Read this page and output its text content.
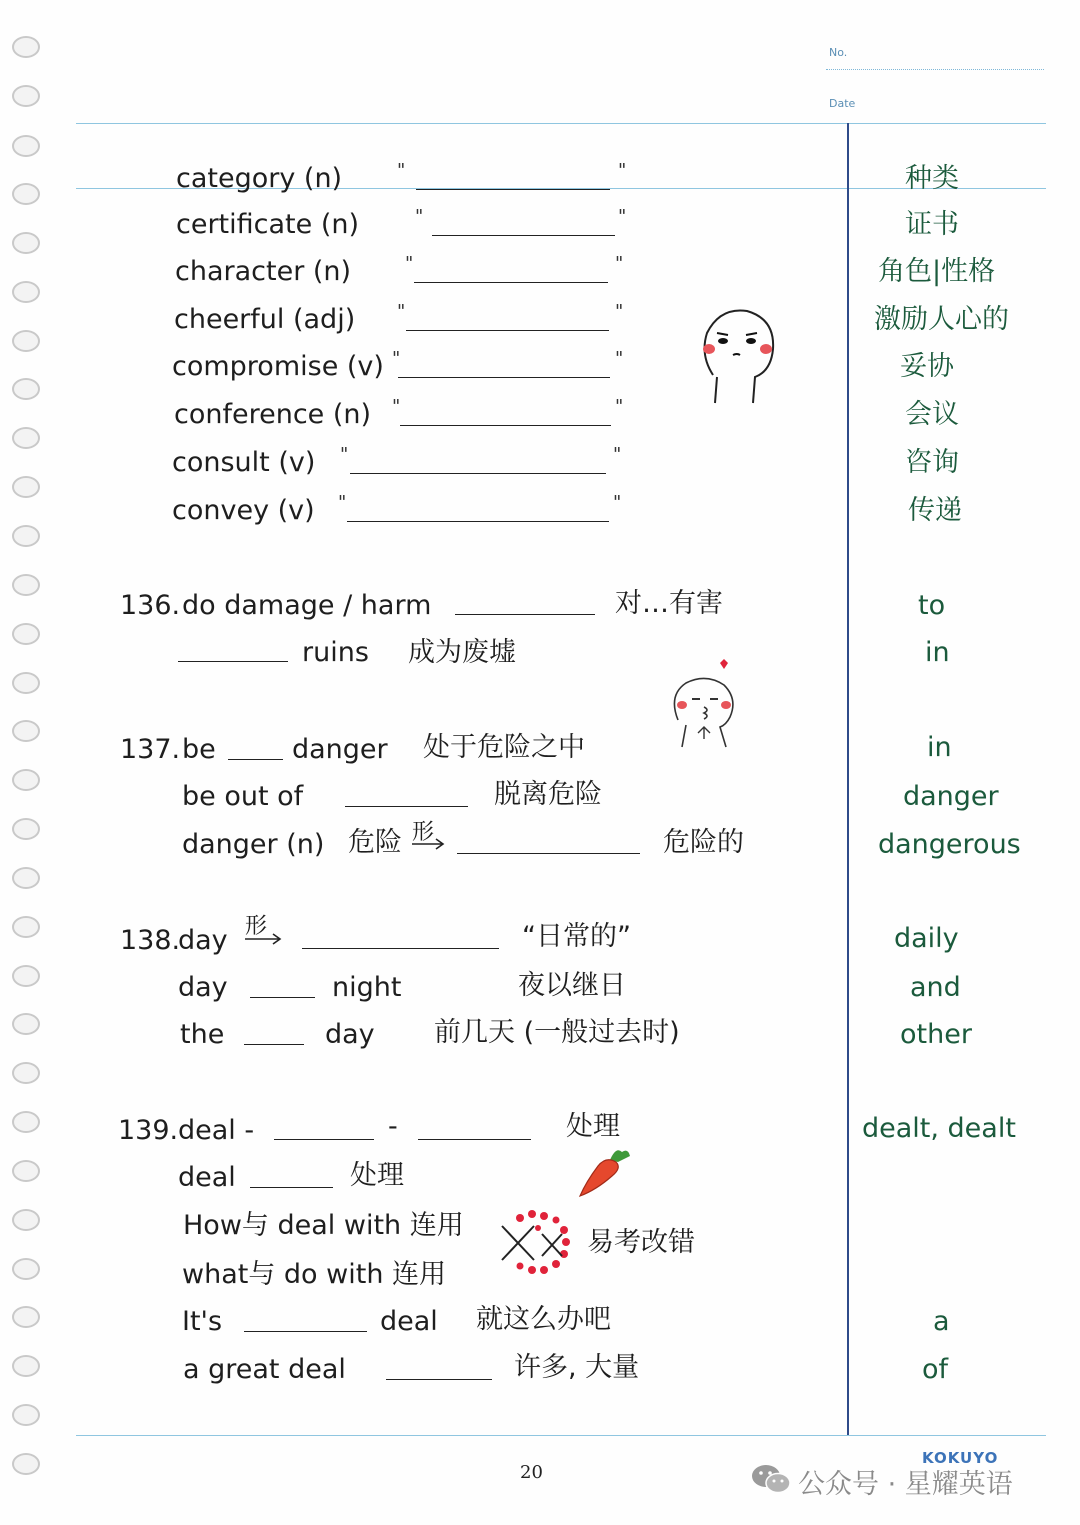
No.
Date
category (n)	"	"	种类
certificate (n)	"	"	证书
character (n)	"	"	角色|性格
cheerful (adj) "	"	激励人心的
compromise (v) "	"	妥协
conference (n) "	"	会议
consult (v) "	"	咨询
convey (v) "	"	传递
136. do damage / harm	对…有害	to
ruins 成为废墟	in
137. be	danger 处于危险之中	in
be out of	脱离危险	danger
danger (n) 危险 形	危险的	dangerous
138.
day 形	“日常的”	daily
day	night	夜以继日	and
the	day 前几天 (一般过去时)	other
139. deal -	-	处理	dealt, dealt
deal	处理
How与 deal with 连用
易考改错
what与 do with 连用
It's	deal 就这么办吧	a
a great deal	许多, 大量	of
20
KOKUYO
公众号 · 星耀英语
